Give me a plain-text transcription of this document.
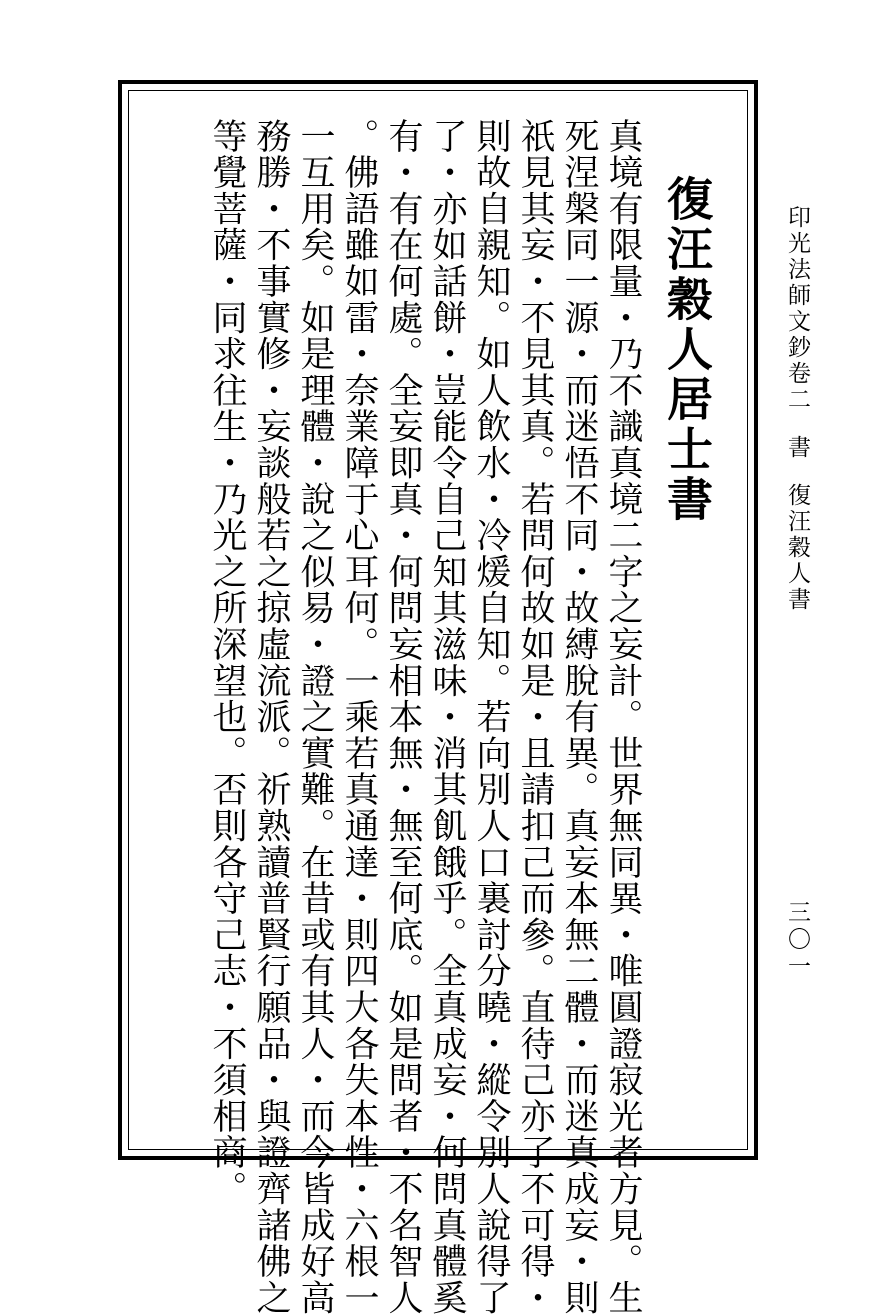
印光法師文鈔卷二書復汪穀人書
三〇一
復汪穀人居士書
真境有限量・乃不識真境二字之妄計。世界無同異・唯圓證寂光者方見。生
死涅槃同一源・而迷悟不同・故縛脫有異。真妄本無二體・而迷真成妄・則
祇見其妄・不見其真。若問何故如是・且請扣己而參。直待己亦了不可得・
則故自親知。如人飲水・冷煖自知。若向別人口裏討分曉・縱令別人說得了
了・亦如話餅・豈能令自己知其滋味・消其飢餓乎。全真成妄・何問真體奚
有・有在何處。全妄即真・何問妄相本無・無至何底。如是問者・不名智人
。佛語雖如雷・奈業障于心耳何。一乘若真通達・則四大各失本性・六根一
一互用矣。如是理體・說之似易・證之實難。在昔或有其人・而今皆成好高
務勝・不事實修・妄談般若之掠虛流派。祈熟讀普賢行願品・與證齊諸佛之
等覺菩薩・同求往生・乃光之所深望也。否則各守己志・不須相商。
